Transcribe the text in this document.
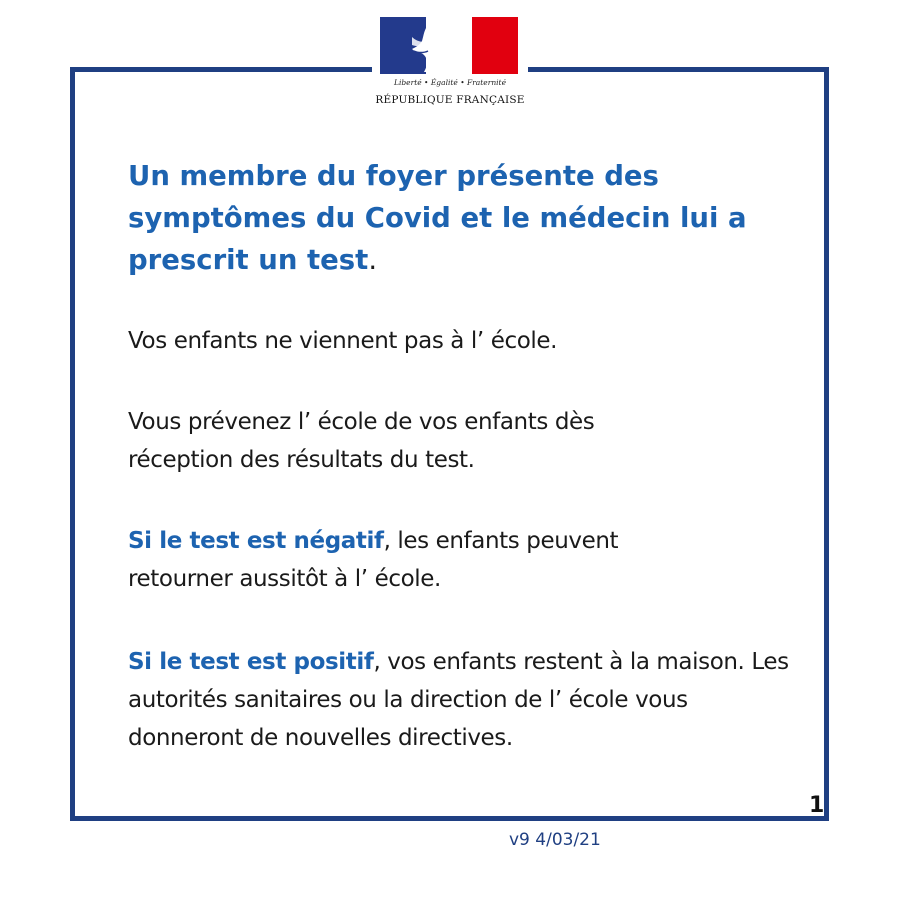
Liberté • Égalité • Fraternité
RÉPUBLIQUE FRANÇAISE
Un membre du foyer présente des symptômes du Covid et le médecin lui a prescrit un test.

Vos enfants ne viennent pas à l’ école.

Vous prévenez l’ école de vos enfants dès réception des résultats du test.

Si le test est négatif, les enfants peuvent retourner aussitôt à l’ école.

Si le test est positif, vos enfants restent à la maison. Les autorités sanitaires ou la direction de l’ école vous donneront de nouvelles directives.

1
v9 4/03/21
